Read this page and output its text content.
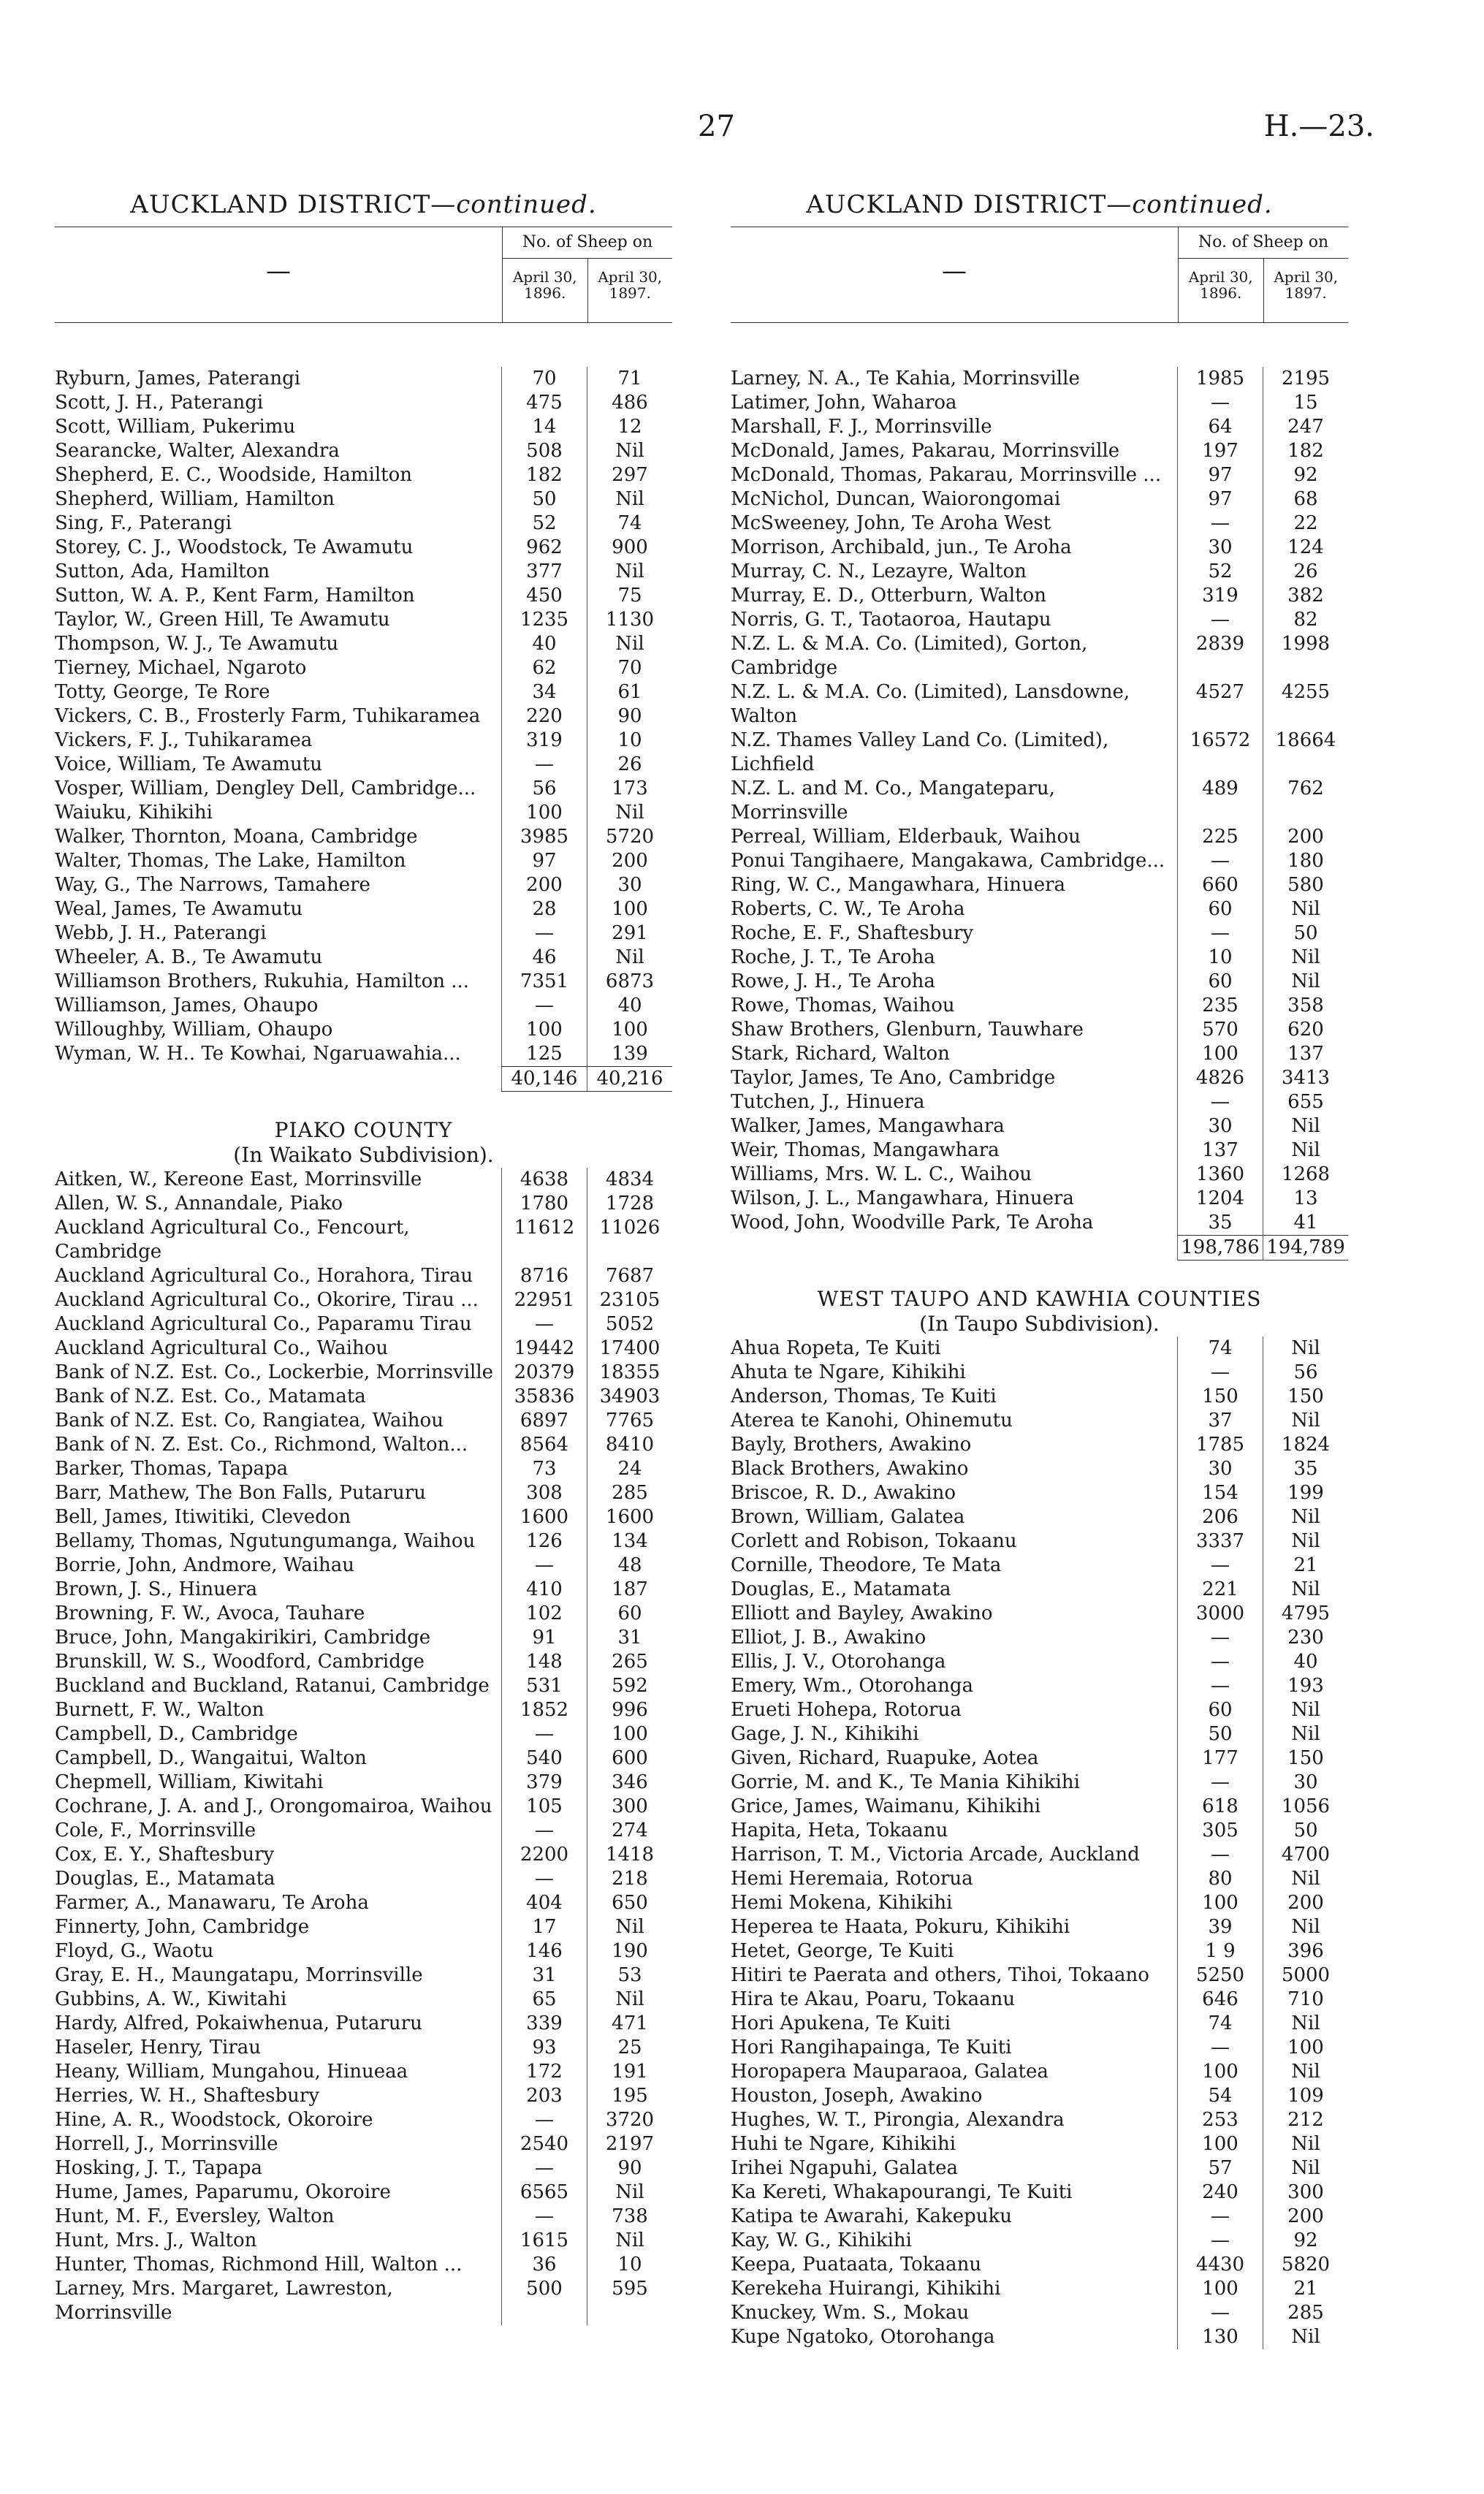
27	H.—23.
AUCKLAND DISTRICT—continued.
—
No. of Sheep on
April 30, 1896.
April 30, 1897.
Ryburn, James, Paterangi	70	71
Scott, J. H., Paterangi	475	486
Scott, William, Pukerimu	14	12
Searancke, Walter, Alexandra	508	Nil
Shepherd, E. C., Woodside, Hamilton	182	297
Shepherd, William, Hamilton	50	Nil
Sing, F., Paterangi	52	74
Storey, C. J., Woodstock, Te Awamutu	962	900
Sutton, Ada, Hamilton	377	Nil
Sutton, W. A. P., Kent Farm, Hamilton	450	75
Taylor, W., Green Hill, Te Awamutu	1235	1130
Thompson, W. J., Te Awamutu	40	Nil
Tierney, Michael, Ngaroto	62	70
Totty, George, Te Rore	34	61
Vickers, C. B., Frosterly Farm, Tuhikaramea	220	90
Vickers, F. J., Tuhikaramea	319	10
Voice, William, Te Awamutu	—	26
Vosper, William, Dengley Dell, Cambridge...	56	173
Waiuku, Kihikihi	100	Nil
Walker, Thornton, Moana, Cambridge	3985	5720
Walter, Thomas, The Lake, Hamilton	97	200
Way, G., The Narrows, Tamahere	200	30
Weal, James, Te Awamutu	28	100
Webb, J. H., Paterangi	—	291
Wheeler, A. B., Te Awamutu	46	Nil
Williamson Brothers, Rukuhia, Hamilton ...	7351	6873
Williamson, James, Ohaupo	—	40
Willoughby, William, Ohaupo	100	100
Wyman, W. H.. Te Kowhai, Ngaruawahia...	125	139
40,146	40,216
PIAKO COUNTY
(In Waikato Subdivision).
Aitken, W., Kereone East, Morrinsville	4638	4834
Allen, W. S., Annandale, Piako	1780	1728
Auckland Agricultural Co., Fencourt, Cambridge
11612	11026
Auckland Agricultural Co., Horahora, Tirau	8716	7687
Auckland Agricultural Co., Okorire, Tirau ...	22951	23105
Auckland Agricultural Co., Paparamu Tirau	—	5052
Auckland Agricultural Co., Waihou	19442	17400
Bank of N.Z. Est. Co., Lockerbie, Morrinsville	20379	18355
Bank of N.Z. Est. Co., Matamata	35836	34903
Bank of N.Z. Est. Co, Rangiatea, Waihou	6897	7765
Bank of N. Z. Est. Co., Richmond, Walton...	8564	8410
Barker, Thomas, Tapapa	73	24
Barr, Mathew, The Bon Falls, Putaruru	308	285
Bell, James, Itiwitiki, Clevedon	1600	1600
Bellamy, Thomas, Ngutungumanga, Waihou	126	134
Borrie, John, Andmore, Waihau	—	48
Brown, J. S., Hinuera	410	187
Browning, F. W., Avoca, Tauhare	102	60
Bruce, John, Mangakirikiri, Cambridge	91	31
Brunskill, W. S., Woodford, Cambridge	148	265
Buckland and Buckland, Ratanui, Cambridge	531	592
Burnett, F. W., Walton	1852	996
Campbell, D., Cambridge	—	100
Campbell, D., Wangaitui, Walton	540	600
Chepmell, William, Kiwitahi	379	346
Cochrane, J. A. and J., Orongomairoa, Waihou	105	300
Cole, F., Morrinsville	—	274
Cox, E. Y., Shaftesbury	2200	1418
Douglas, E., Matamata	—	218
Farmer, A., Manawaru, Te Aroha	404	650
Finnerty, John, Cambridge	17	Nil
Floyd, G., Waotu	146	190
Gray, E. H., Maungatapu, Morrinsville	31	53
Gubbins, A. W., Kiwitahi	65	Nil
Hardy, Alfred, Pokaiwhenua, Putaruru	339	471
Haseler, Henry, Tirau	93	25
Heany, William, Mungahou, Hinueaa	172	191
Herries, W. H., Shaftesbury	203	195
Hine, A. R., Woodstock, Okoroire	—	3720
Horrell, J., Morrinsville	2540	2197
Hosking, J. T., Tapapa	—	90
Hume, James, Paparumu, Okoroire	6565	Nil
Hunt, M. F., Eversley, Walton	—	738
Hunt, Mrs. J., Walton	1615	Nil
Hunter, Thomas, Richmond Hill, Walton ...	36	10
Larney, Mrs. Margaret, Lawreston, Morrinsville
500	595
AUCKLAND DISTRICT—continued.
—
No. of Sheep on
April 30, 1896.
April 30, 1897.
Larney, N. A., Te Kahia, Morrinsville	1985	2195
Latimer, John, Waharoa	—	15
Marshall, F. J., Morrinsville	64	247
McDonald, James, Pakarau, Morrinsville	197	182
McDonald, Thomas, Pakarau, Morrinsville ...	97	92
McNichol, Duncan, Waiorongomai	97	68
McSweeney, John, Te Aroha West	—	22
Morrison, Archibald, jun., Te Aroha	30	124
Murray, C. N., Lezayre, Walton	52	26
Murray, E. D., Otterburn, Walton	319	382
Norris, G. T., Taotaoroa, Hautapu	—	82
N.Z. L. & M.A. Co. (Limited), Gorton, Cambridge
2839	1998
N.Z. L. & M.A. Co. (Limited), Lansdowne, Walton
4527	4255
N.Z. Thames Valley Land Co. (Limited), Lichfield
16572	18664
N.Z. L. and M. Co., Mangateparu, Morrinsville
489	762
Perreal, William, Elderbauk, Waihou	225	200
Ponui Tangihaere, Mangakawa, Cambridge...	—	180
Ring, W. C., Mangawhara, Hinuera	660	580
Roberts, C. W., Te Aroha	60	Nil
Roche, E. F., Shaftesbury	—	50
Roche, J. T., Te Aroha	10	Nil
Rowe, J. H., Te Aroha	60	Nil
Rowe, Thomas, Waihou	235	358
Shaw Brothers, Glenburn, Tauwhare	570	620
Stark, Richard, Walton	100	137
Taylor, James, Te Ano, Cambridge	4826	3413
Tutchen, J., Hinuera	—	655
Walker, James, Mangawhara	30	Nil
Weir, Thomas, Mangawhara	137	Nil
Williams, Mrs. W. L. C., Waihou	1360	1268
Wilson, J. L., Mangawhara, Hinuera	1204	13
Wood, John, Woodville Park, Te Aroha	35	41
198,786 194,789
WEST TAUPO AND KAWHIA COUNTIES
(In Taupo Subdivision).
Ahua Ropeta, Te Kuiti	74	Nil
Ahuta te Ngare, Kihikihi	—	56
Anderson, Thomas, Te Kuiti	150	150
Aterea te Kanohi, Ohinemutu	37	Nil
Bayly, Brothers, Awakino	1785	1824
Black Brothers, Awakino	30	35
Briscoe, R. D., Awakino	154	199
Brown, William, Galatea	206	Nil
Corlett and Robison, Tokaanu	3337	Nil
Cornille, Theodore, Te Mata	—	21
Douglas, E., Matamata	221	Nil
Elliott and Bayley, Awakino	3000	4795
Elliot, J. B., Awakino	—	230
Ellis, J. V., Otorohanga	—	40
Emery, Wm., Otorohanga	—	193
Erueti Hohepa, Rotorua	60	Nil
Gage, J. N., Kihikihi	50	Nil
Given, Richard, Ruapuke, Aotea	177	150
Gorrie, M. and K., Te Mania Kihikihi	—	30
Grice, James, Waimanu, Kihikihi	618	1056
Hapita, Heta, Tokaanu	305	50
Harrison, T. M., Victoria Arcade, Auckland	—	4700
Hemi Heremaia, Rotorua	80	Nil
Hemi Mokena, Kihikihi	100	200
Heperea te Haata, Pokuru, Kihikihi	39	Nil
Hetet, George, Te Kuiti	1 9	396
Hitiri te Paerata and others, Tihoi, Tokaano	5250	5000
Hira te Akau, Poaru, Tokaanu	646	710
Hori Apukena, Te Kuiti	74	Nil
Hori Rangihapainga, Te Kuiti	—	100
Horopapera Mauparaoa, Galatea	100	Nil
Houston, Joseph, Awakino	54	109
Hughes, W. T., Pirongia, Alexandra	253	212
Huhi te Ngare, Kihikihi	100	Nil
Irihei Ngapuhi, Galatea	57	Nil
Ka Kereti, Whakapourangi, Te Kuiti	240	300
Katipa te Awarahi, Kakepuku	—	200
Kay, W. G., Kihikihi	—	92
Keepa, Puataata, Tokaanu	4430	5820
Kerekeha Huirangi, Kihikihi	100	21
Knuckey, Wm. S., Mokau	—	285
Kupe Ngatoko, Otorohanga	130	Nil
